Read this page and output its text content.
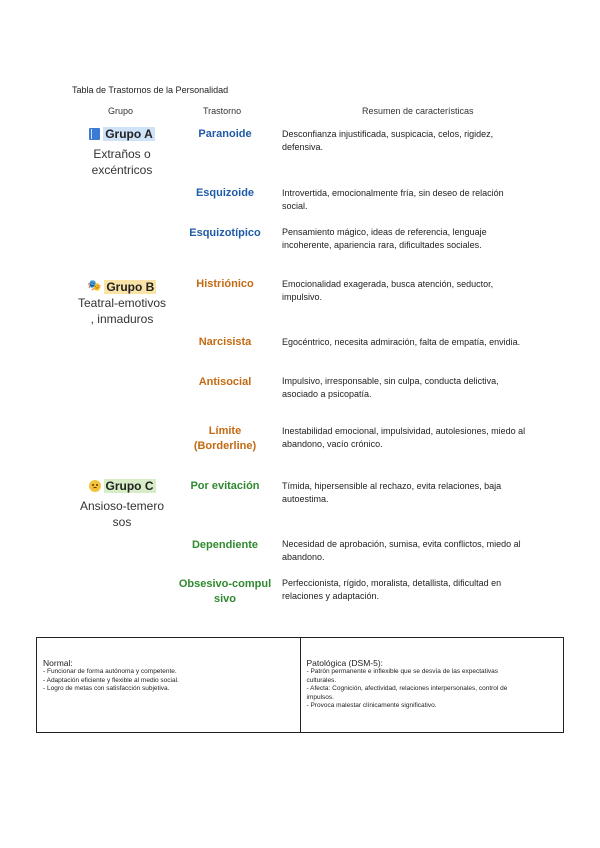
Tabla de Trastornos de la Personalidad
Grupo	Trastorno	Resumen de características
Grupo A
Extraños o
excéntricos
🎭 Grupo B
Teatral-emotivos
, inmaduros
Grupo C
Ansioso-temero
sos
Paranoide
Esquizoide
Esquizotípico
Histriónico
Narcisista
Antisocial
Límite
(Borderline)
Por evitación
Dependiente
Obsesivo-compul
sivo
Desconfianza injustificada, suspicacia, celos, rigidez,
defensiva.
Introvertida, emocionalmente fría, sin deseo de relación
social.
Pensamiento mágico, ideas de referencia, lenguaje
incoherente, apariencia rara, dificultades sociales.
Emocionalidad exagerada, busca atención, seductor,
impulsivo.
Egocéntrico, necesita admiración, falta de empatía, envidia.
Impulsivo, irresponsable, sin culpa, conducta delictiva,
asociado a psicopatía.
Inestabilidad emocional, impulsividad, autolesiones, miedo al
abandono, vacío crónico.
Tímida, hipersensible al rechazo, evita relaciones, baja
autoestima.
Necesidad de aprobación, sumisa, evita conflictos, miedo al
abandono.
Perfeccionista, rígido, moralista, detallista, dificultad en
relaciones y adaptación.
Normal:
- Funcionar de forma autónoma y competente.
- Adaptación eficiente y flexible al medio social.
- Logro de metas con satisfacción subjetiva.
Patológica (DSM-5):
- Patrón permanente e inflexible que se desvía de las expectativas
culturales.
- Afecta: Cognición, afectividad, relaciones interpersonales, control de
impulsos.
- Provoca malestar clínicamente significativo.
